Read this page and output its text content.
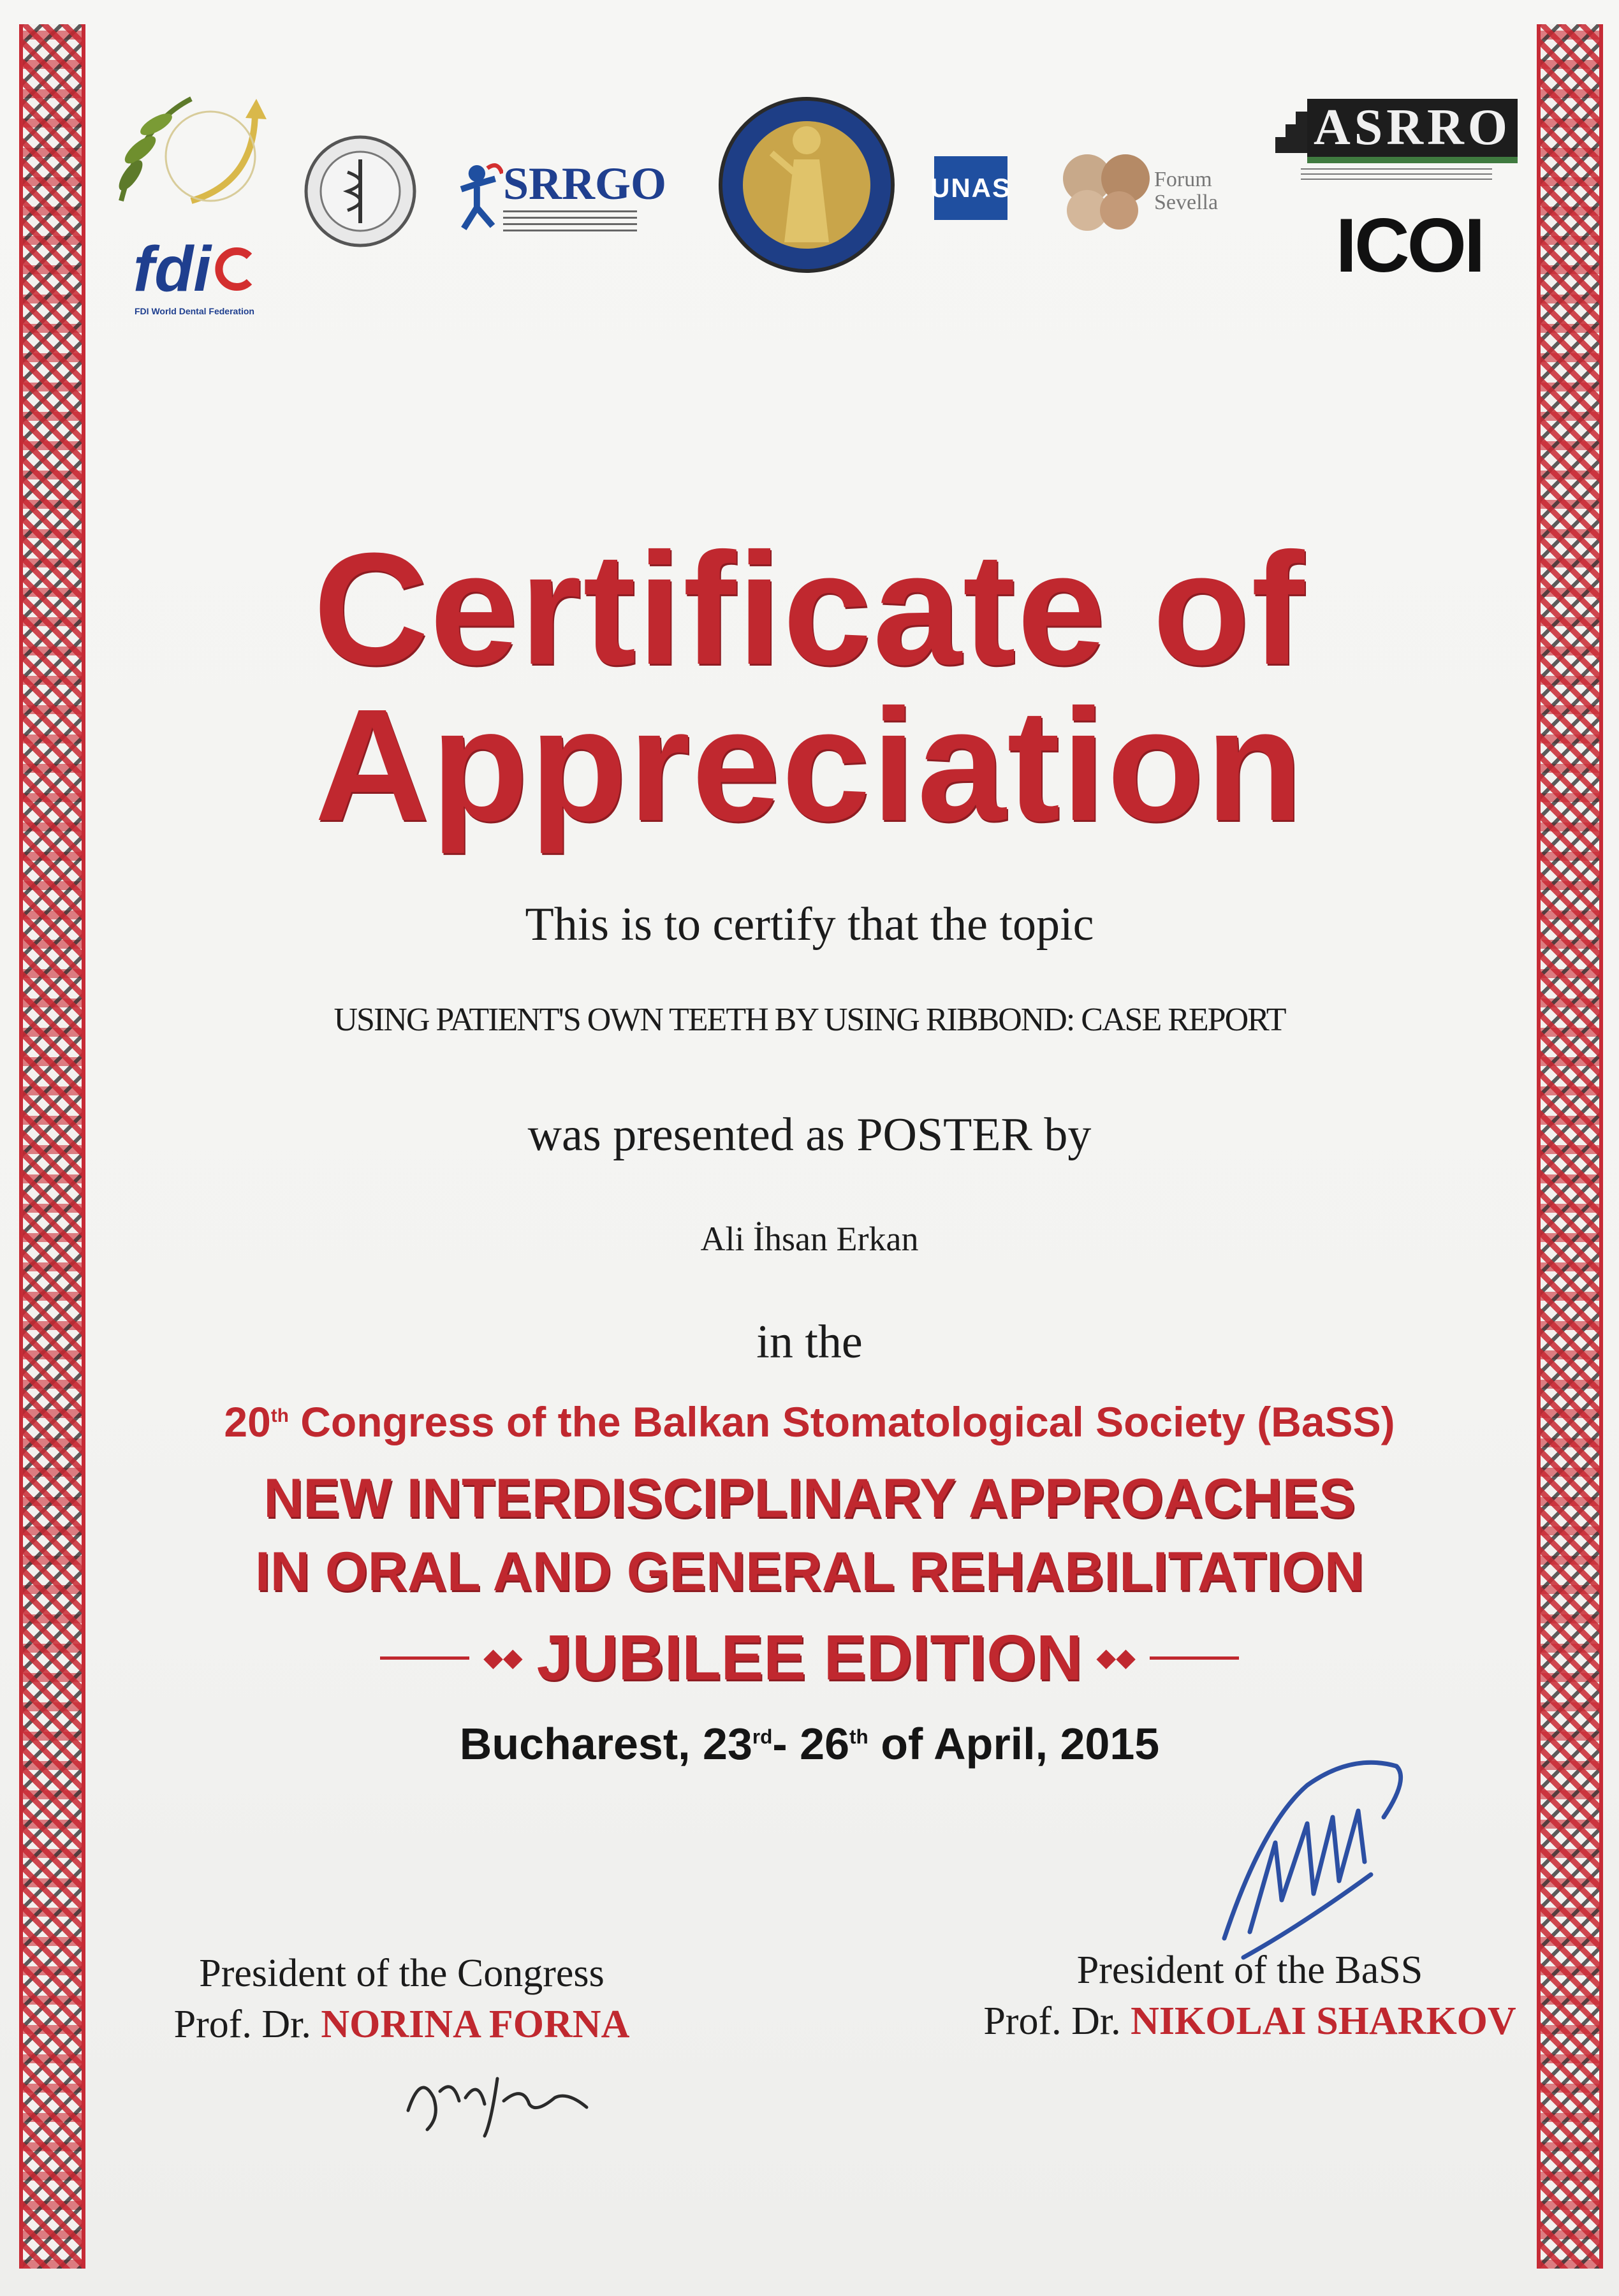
fdi
FDI World Dental Federation
SRRGO	UNAS	Forum Sevella
ASRRO
ICOI
Certificate of
Appreciation
This is to certify that the topic
USING PATIENT'S OWN TEETH BY USING RIBBOND: CASE REPORT
was presented as POSTER by
Ali İhsan Erkan
in the
20th Congress of the Balkan Stomatological Society (BaSS)
NEW INTERDISCIPLINARY APPROACHES
IN ORAL AND GENERAL REHABILITATION
◆◆ JUBILEE EDITION ◆◆
Bucharest, 23rd- 26th of April, 2015
President of the Congress
Prof. Dr. NORINA FORNA
President of the BaSS
Prof. Dr. NIKOLAI SHARKOV
